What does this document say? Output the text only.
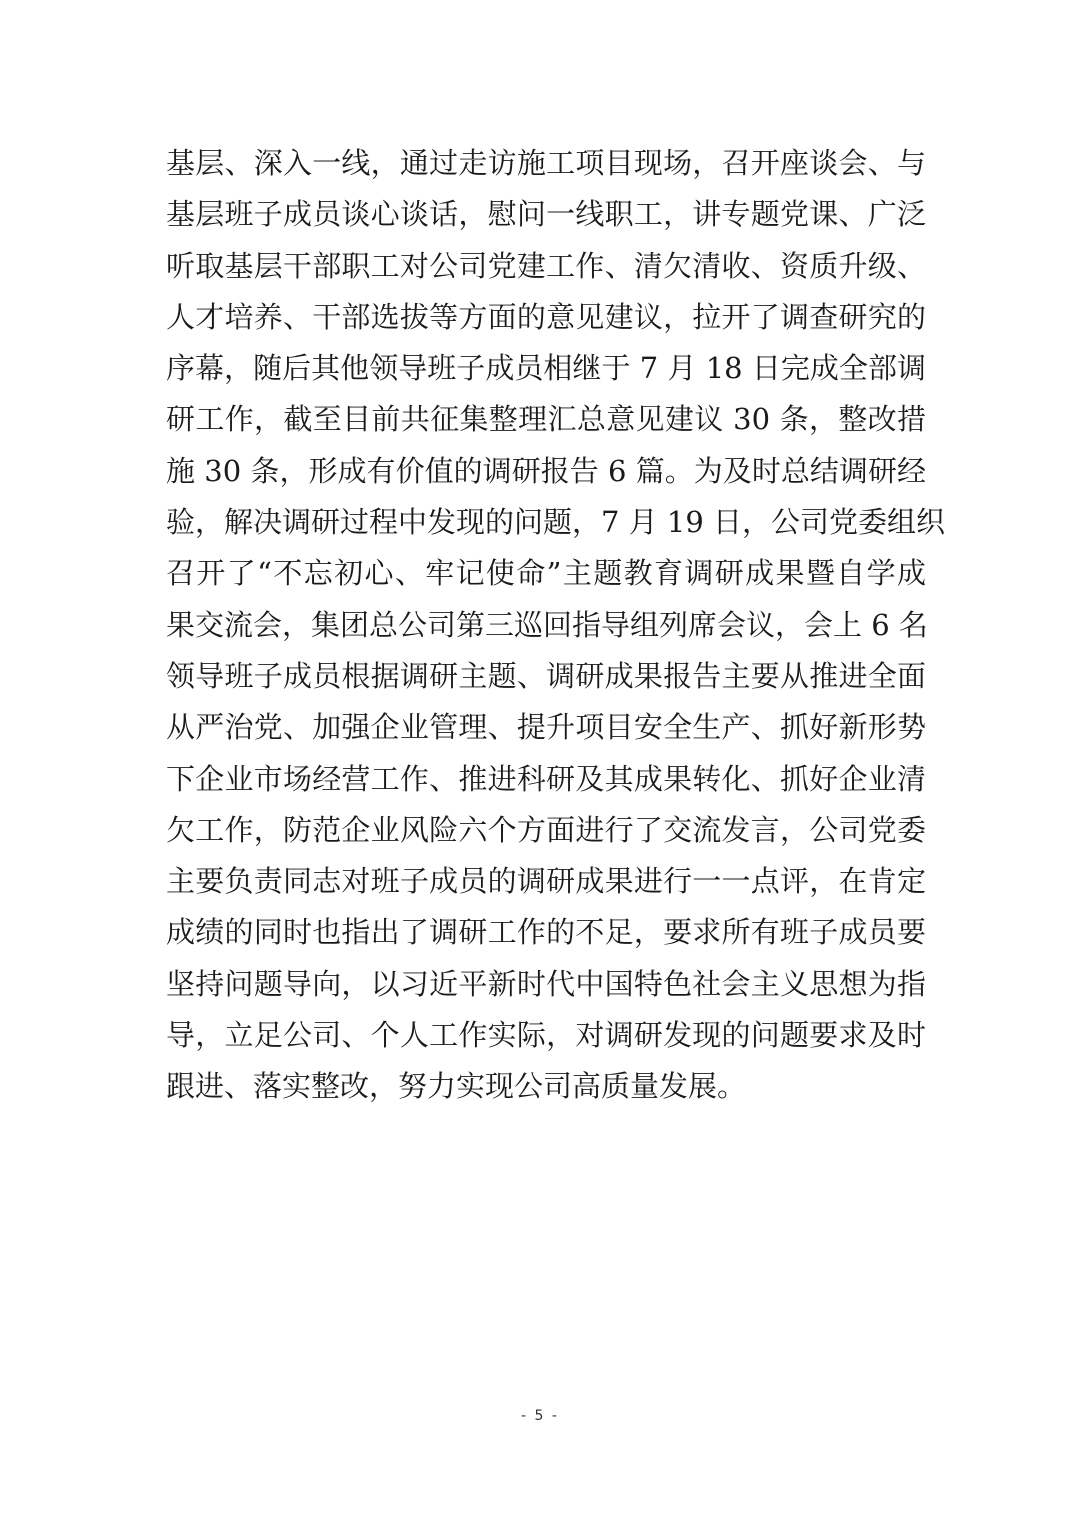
基层、深入一线，通过走访施工项目现场，召开座谈会、与
基层班子成员谈心谈话，慰问一线职工，讲专题党课、广泛
听取基层干部职工对公司党建工作、清欠清收、资质升级、
人才培养、干部选拔等方面的意见建议，拉开了调查研究的
序幕，随后其他领导班子成员相继于 7 月 18 日完成全部调
研工作，截至目前共征集整理汇总意见建议 30 条，整改措
施 30 条，形成有价值的调研报告 6 篇。为及时总结调研经
验，解决调研过程中发现的问题，7 月 19 日，公司党委组织
召开了“不忘初心、牢记使命”主题教育调研成果暨自学成
果交流会，集团总公司第三巡回指导组列席会议，会上 6 名
领导班子成员根据调研主题、调研成果报告主要从推进全面
从严治党、加强企业管理、提升项目安全生产、抓好新形势
下企业市场经营工作、推进科研及其成果转化、抓好企业清
欠工作，防范企业风险六个方面进行了交流发言，公司党委
主要负责同志对班子成员的调研成果进行一一点评，在肯定
成绩的同时也指出了调研工作的不足，要求所有班子成员要
坚持问题导向，以习近平新时代中国特色社会主义思想为指
导，立足公司、个人工作实际，对调研发现的问题要求及时
跟进、落实整改，努力实现公司高质量发展。
- 5 -
